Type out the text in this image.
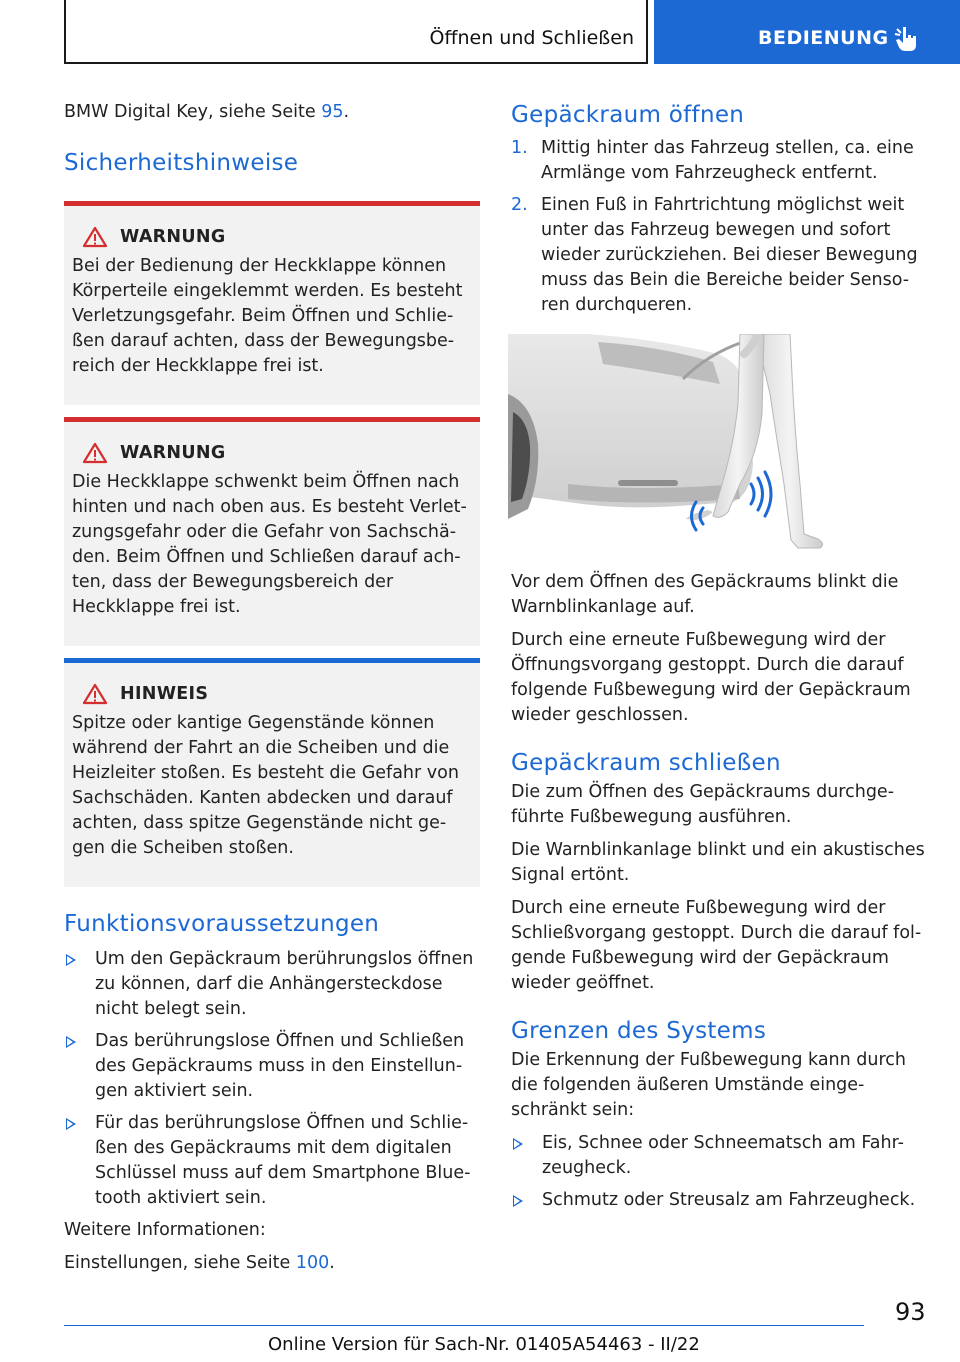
Öffnen und Schließen	BEDIENUNG

BMW Digital Key, siehe Seite 95.

Sicherheitshinweise
WARNUNG

Bei der Bedienung der Heckklappe können
Körperteile eingeklemmt werden. Es besteht
Verletzungsgefahr. Beim Öffnen und Schlie-
ßen darauf achten, dass der Bewegungsbe-
reich der Heckklappe frei ist.

WARNUNG

Die Heckklappe schwenkt beim Öffnen nach
hinten und nach oben aus. Es besteht Verlet-
zungsgefahr oder die Gefahr von Sachschä-
den. Beim Öffnen und Schließen darauf ach-
ten, dass der Bewegungsbereich der
Heckklappe frei ist.

HINWEIS

Spitze oder kantige Gegenstände können
während der Fahrt an die Scheiben und die
Heizleiter stoßen. Es besteht die Gefahr von
Sachschäden. Kanten abdecken und darauf
achten, dass spitze Gegenstände nicht ge-
gen die Scheiben stoßen.

Funktionsvoraussetzungen
Um den Gepäckraum berührungslos öffnen
zu können, darf die Anhängersteckdose
nicht belegt sein.
Das berührungslose Öffnen und Schließen
des Gepäckraums muss in den Einstellun-
gen aktiviert sein.
Für das berührungslose Öffnen und Schlie-
ßen des Gepäckraums mit dem digitalen
Schlüssel muss auf dem Smartphone Blue-
tooth aktiviert sein.

Weitere Informationen:

Einstellungen, siehe Seite 100.

Gepäckraum öffnen
1. Mittig hinter das Fahrzeug stellen, ca. eine
Armlänge vom Fahrzeugheck entfernt.
2. Einen Fuß in Fahrtrichtung möglichst weit
unter das Fahrzeug bewegen und sofort
wieder zurückziehen. Bei dieser Bewegung
muss das Bein die Bereiche beider Senso-
ren durchqueren.

Vor dem Öffnen des Gepäckraums blinkt die
Warnblinkanlage auf.

Durch eine erneute Fußbewegung wird der
Öffnungsvorgang gestoppt. Durch die darauf
folgende Fußbewegung wird der Gepäckraum
wieder geschlossen.

Gepäckraum schließen

Die zum Öffnen des Gepäckraums durchge-
führte Fußbewegung ausführen.

Die Warnblinkanlage blinkt und ein akustisches
Signal ertönt.

Durch eine erneute Fußbewegung wird der
Schließvorgang gestoppt. Durch die darauf fol-
gende Fußbewegung wird der Gepäckraum
wieder geöffnet.

Grenzen des Systems

Die Erkennung der Fußbewegung kann durch
die folgenden äußeren Umstände einge-
schränkt sein:

Eis, Schnee oder Schneematsch am Fahr-
zeugheck.
Schmutz oder Streusalz am Fahrzeugheck.
93
Online Version für Sach-Nr. 01405A54463 - II/22
